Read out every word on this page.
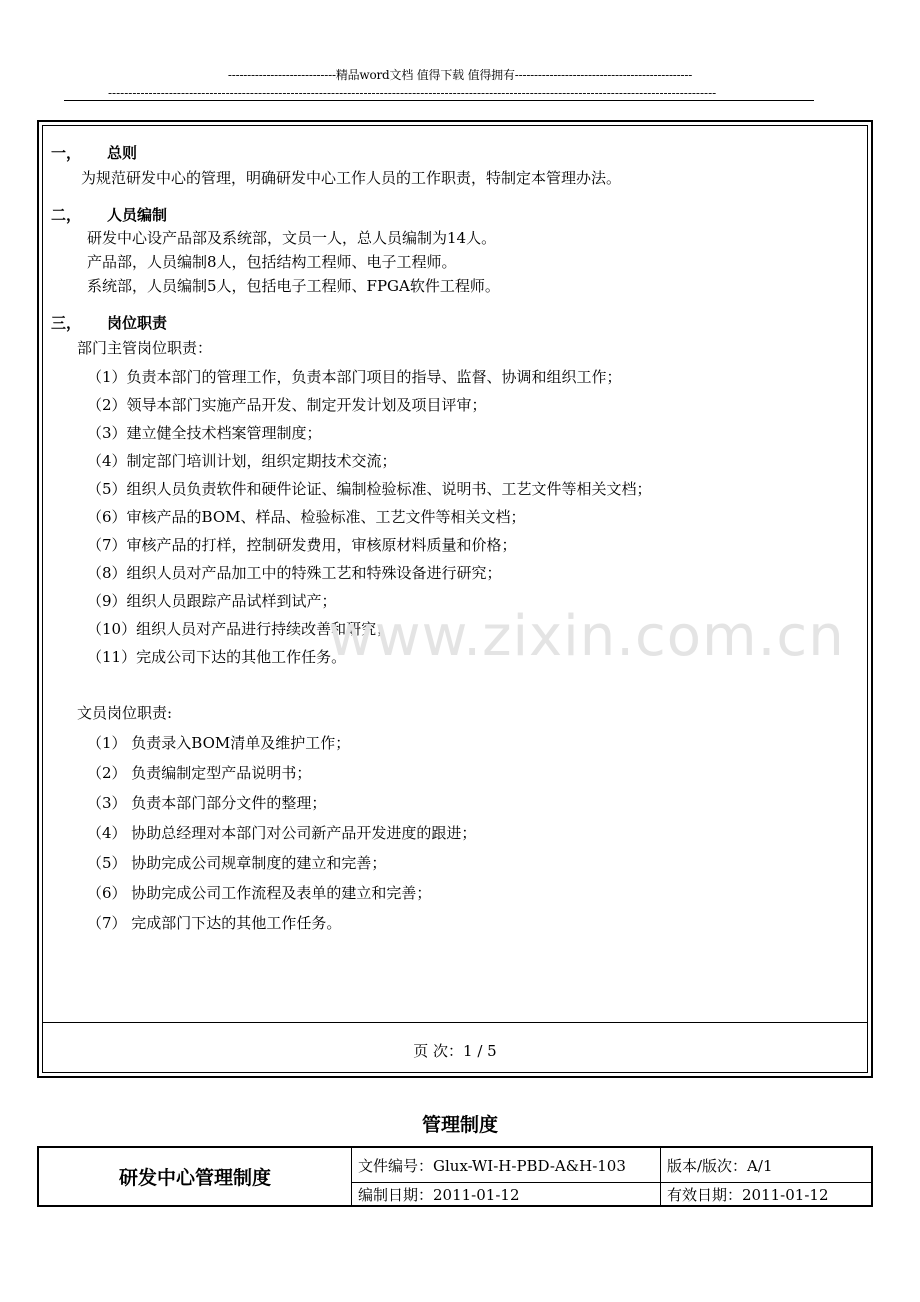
----------------------------精品word文档 值得下载 值得拥有----------------------------------------------
------------------------------------------------------------------------------------------------------------------------------------------------------
一， 总则
为规范研发中心的管理，明确研发中心工作人员的工作职责，特制定本管理办法。
二， 人员编制
研发中心设产品部及系统部，文员一人，总人员编制为14人。
产品部，人员编制8人，包括结构工程师、电子工程师。
系统部，人员编制5人，包括电子工程师、FPGA软件工程师。
三， 岗位职责
部门主管岗位职责：
（1）负责本部门的管理工作，负责本部门项目的指导、监督、协调和组织工作；
（2）领导本部门实施产品开发、制定开发计划及项目评审；
（3）建立健全技术档案管理制度；
（4）制定部门培训计划，组织定期技术交流；
（5）组织人员负责软件和硬件论证、编制检验标准、说明书、工艺文件等相关文档；
（6）审核产品的BOM、样品、检验标准、工艺文件等相关文档；
（7）审核产品的打样，控制研发费用，审核原材料质量和价格；
（8）组织人员对产品加工中的特殊工艺和特殊设备进行研究；
（9）组织人员跟踪产品试样到试产；
（10）组织人员对产品进行持续改善和研究；
（11）完成公司下达的其他工作任务。
文员岗位职责:
（1） 负责录入BOM清单及维护工作；
（2） 负责编制定型产品说明书；
（3） 负责本部门部分文件的整理；
（4） 协助总经理对本部门对公司新产品开发进度的跟进；
（5） 协助完成公司规章制度的建立和完善；
（6） 协助完成公司工作流程及表单的建立和完善；
（7） 完成部门下达的其他工作任务。
www.zixin.com.cn
页 次：1 / 5
管理制度
研发中心管理制度	文件编号：Glux-WI-H-PBD-A&H-103	版本/版次：A/1
	编制日期：2011-01-12	有效日期：2011-01-12
